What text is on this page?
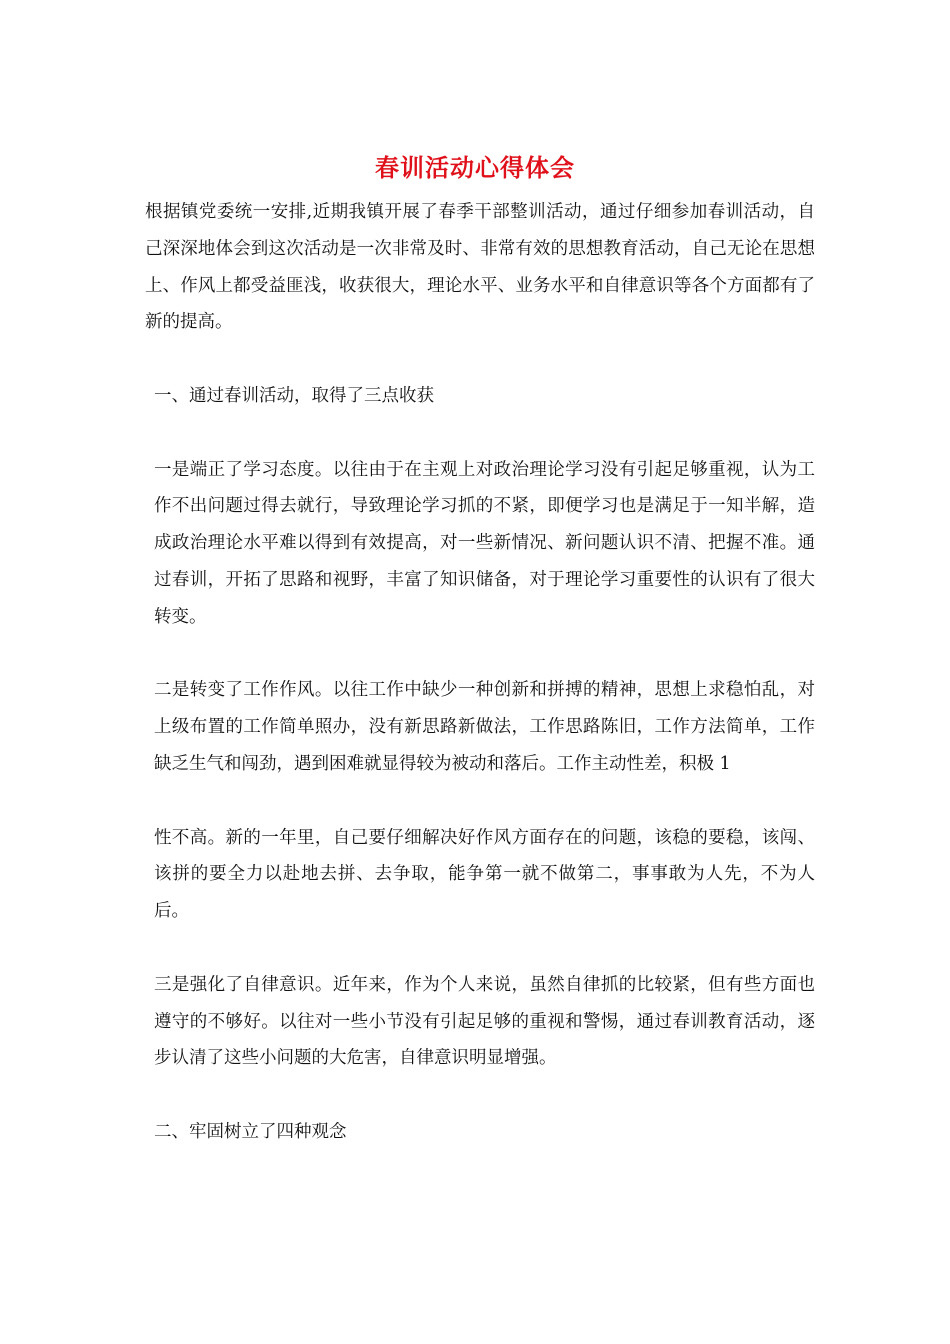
春训活动心得体会

根据镇党委统一安排,近期我镇开展了春季干部整训活动，通过仔细参加春训活动，自己深深地体会到这次活动是一次非常及时、非常有效的思想教育活动，自己无论在思想上、作风上都受益匪浅，收获很大，理论水平、业务水平和自律意识等各个方面都有了新的提高。

一、通过春训活动，取得了三点收获

一是端正了学习态度。以往由于在主观上对政治理论学习没有引起足够重视，认为工作不出问题过得去就行，导致理论学习抓的不紧，即便学习也是满足于一知半解，造成政治理论水平难以得到有效提高，对一些新情况、新问题认识不清、把握不准。通过春训，开拓了思路和视野，丰富了知识储备，对于理论学习重要性的认识有了很大转变。

二是转变了工作作风。以往工作中缺少一种创新和拼搏的精神，思想上求稳怕乱，对上级布置的工作简单照办，没有新思路新做法，工作思路陈旧，工作方法简单，工作缺乏生气和闯劲，遇到困难就显得较为被动和落后。工作主动性差，积极 1

性不高。新的一年里，自己要仔细解决好作风方面存在的问题，该稳的要稳，该闯、该拼的要全力以赴地去拼、去争取，能争第一就不做第二，事事敢为人先，不为人后。

三是强化了自律意识。近年来，作为个人来说，虽然自律抓的比较紧，但有些方面也遵守的不够好。以往对一些小节没有引起足够的重视和警惕，通过春训教育活动，逐步认清了这些小问题的大危害，自律意识明显增强。

二、牢固树立了四种观念
